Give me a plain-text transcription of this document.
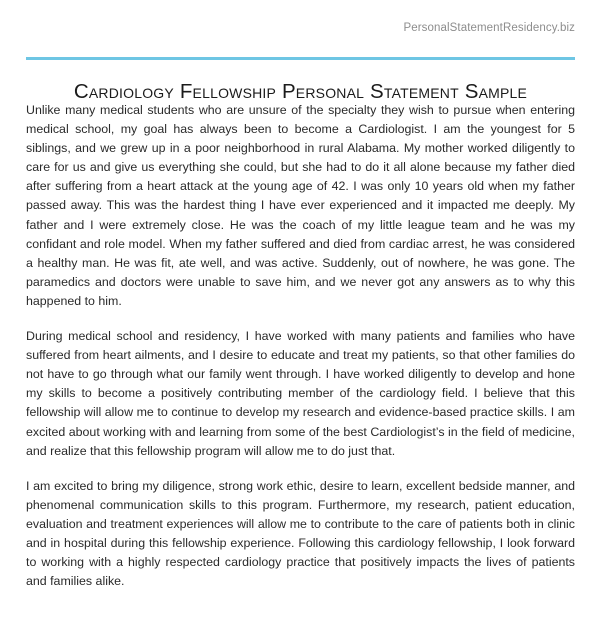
PersonalStatementResidency.biz
Cardiology Fellowship Personal Statement Sample

Unlike many medical students who are unsure of the specialty they wish to pursue when entering medical school, my goal has always been to become a Cardiologist. I am the youngest for 5 siblings, and we grew up in a poor neighborhood in rural Alabama. My mother worked diligently to care for us and give us everything she could, but she had to do it all alone because my father died after suffering from a heart attack at the young age of 42. I was only 10 years old when my father passed away. This was the hardest thing I have ever experienced and it impacted me deeply. My father and I were extremely close. He was the coach of my little league team and he was my confidant and role model. When my father suffered and died from cardiac arrest, he was considered a healthy man. He was fit, ate well, and was active. Suddenly, out of nowhere, he was gone. The paramedics and doctors were unable to save him, and we never got any answers as to why this happened to him.

During medical school and residency, I have worked with many patients and families who have suffered from heart ailments, and I desire to educate and treat my patients, so that other families do not have to go through what our family went through. I have worked diligently to develop and hone my skills to become a positively contributing member of the cardiology field. I believe that this fellowship will allow me to continue to develop my research and evidence-based practice skills. I am excited about working with and learning from some of the best Cardiologist’s in the field of medicine, and realize that this fellowship program will allow me to do just that.

I am excited to bring my diligence, strong work ethic, desire to learn, excellent bedside manner, and phenomenal communication skills to this program. Furthermore, my research, patient education, evaluation and treatment experiences will allow me to contribute to the care of patients both in clinic and in hospital during this fellowship experience. Following this cardiology fellowship, I look forward to working with a highly respected cardiology practice that positively impacts the lives of patients and families alike.
